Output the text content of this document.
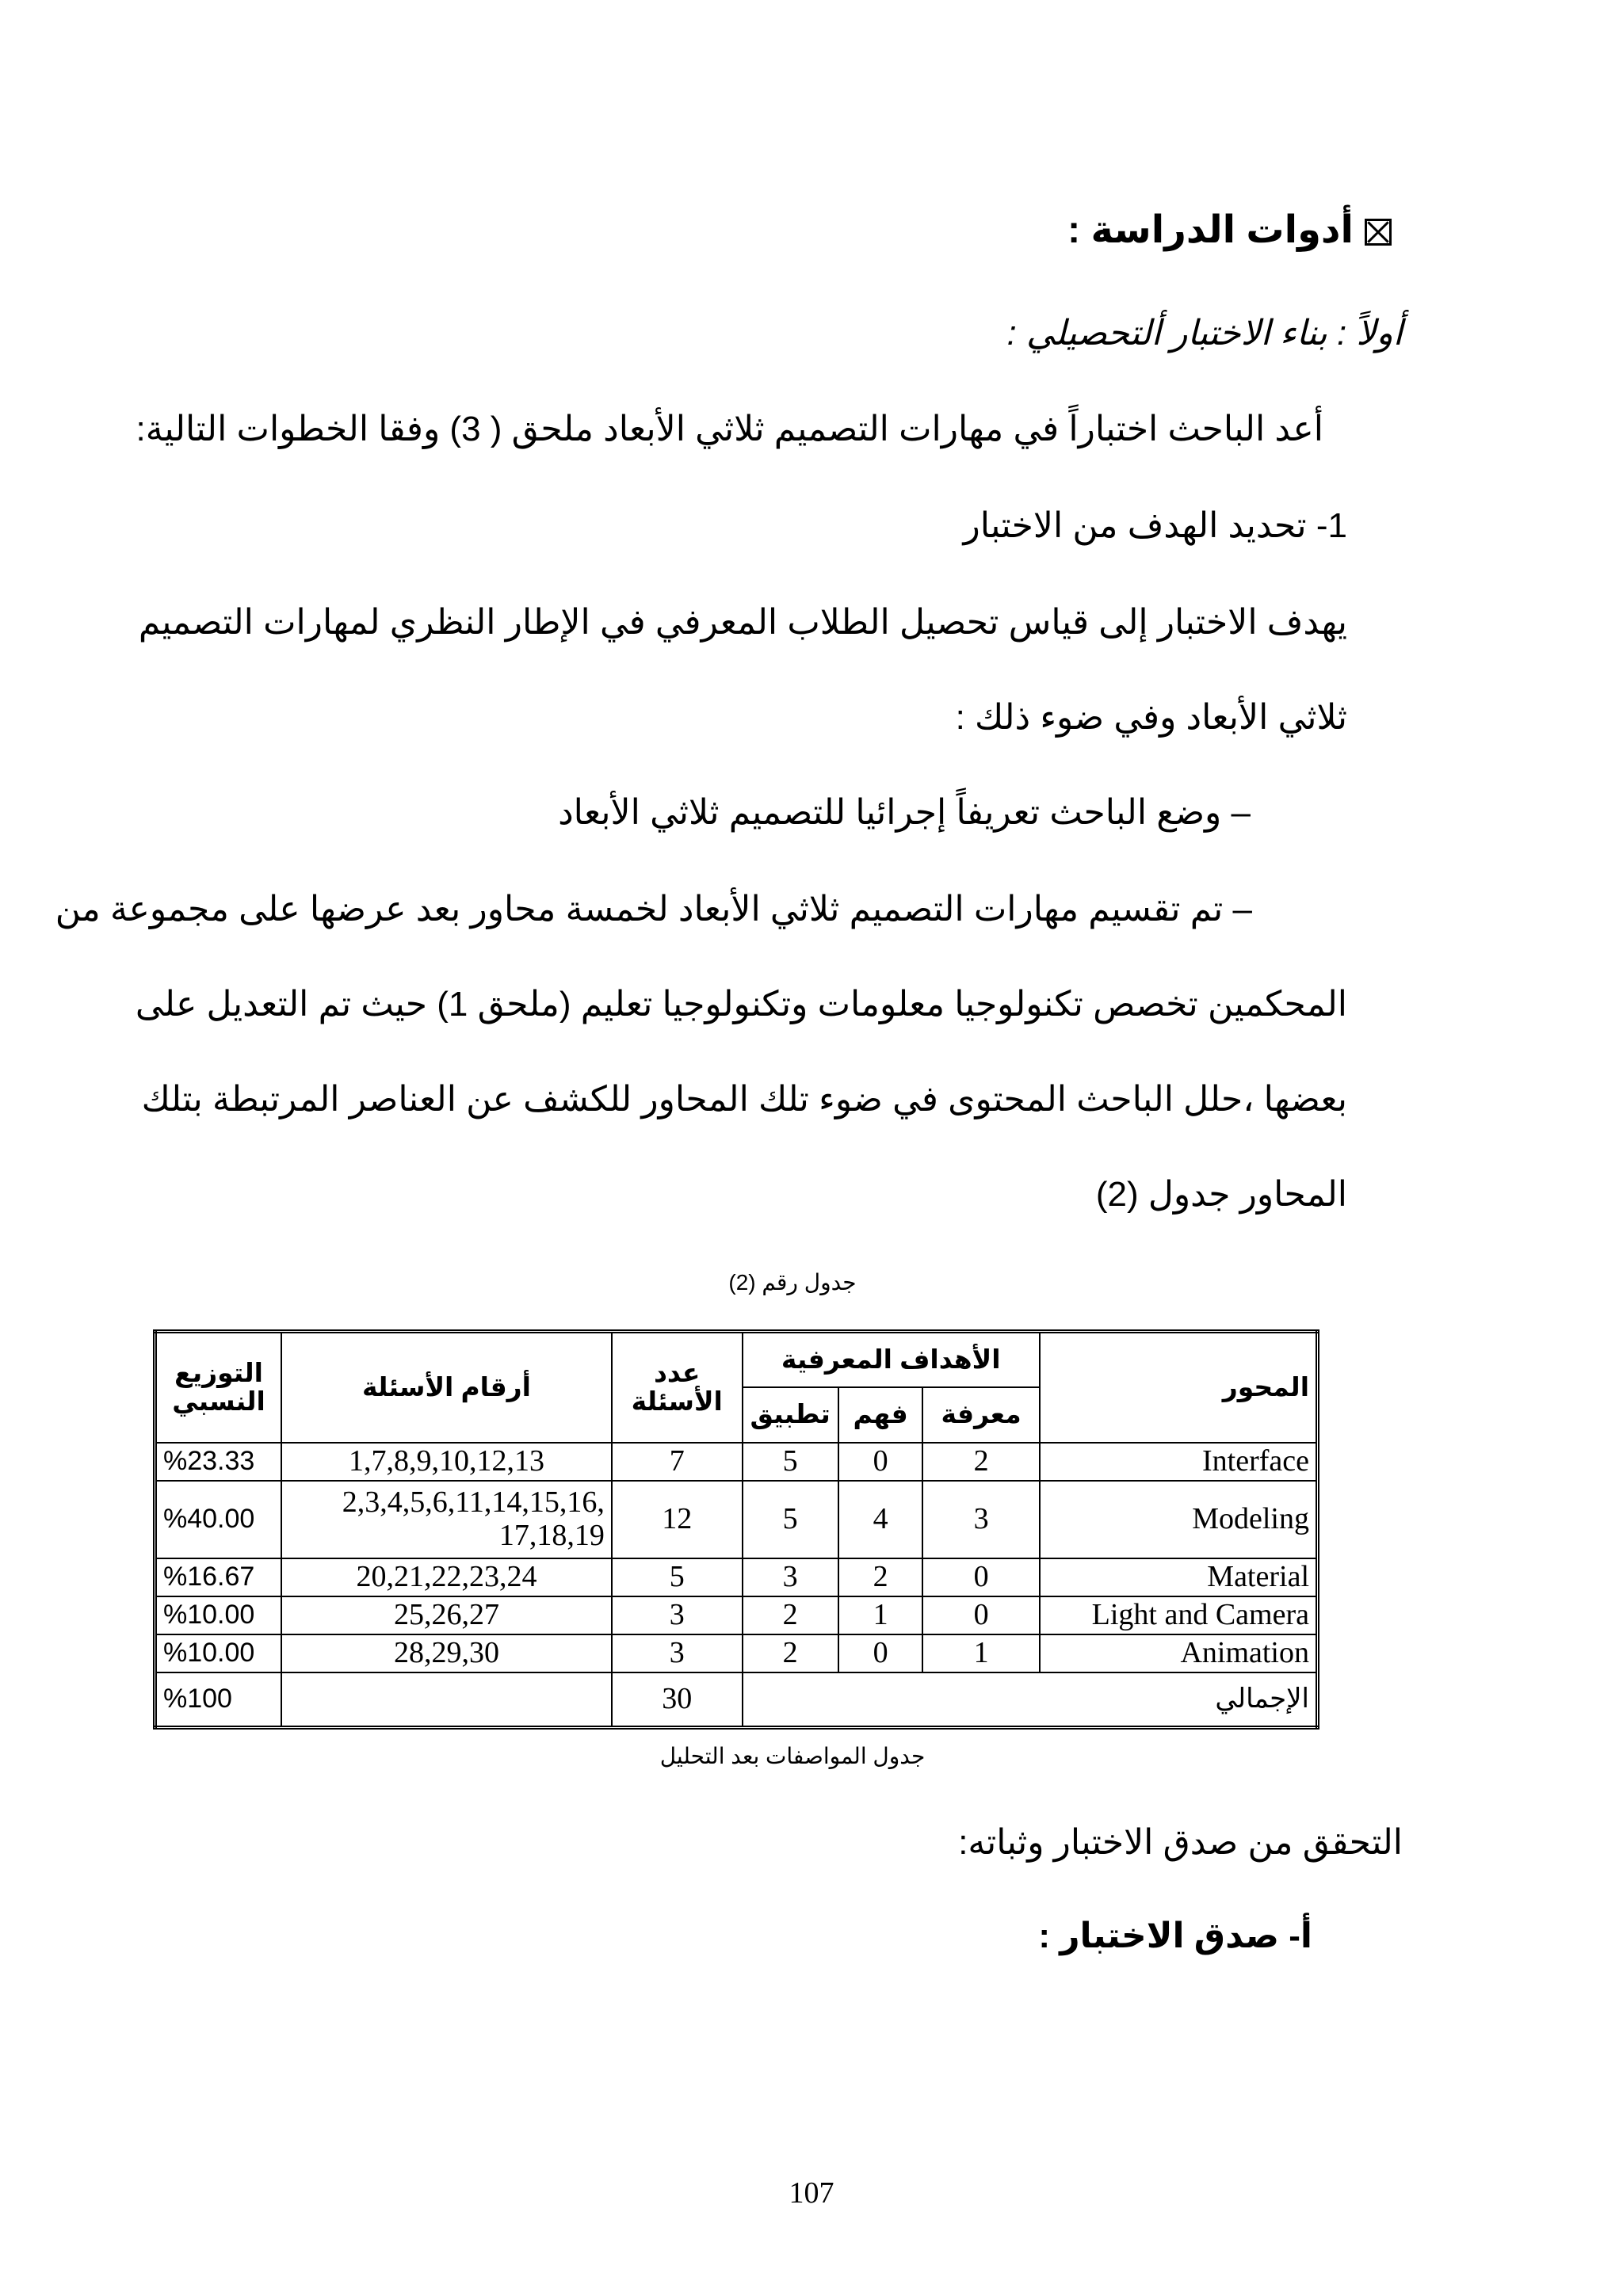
أدوات الدراسة :
أولاً : بناء الاختبار ألتحصيلي :
أعد الباحث اختباراً في مهارات التصميم ثلاثي الأبعاد ملحق ( 3) وفقا الخطوات التالية:
1- تحديد الهدف من الاختبار
يهدف الاختبار إلى قياس تحصيل الطلاب المعرفي في الإطار النظري لمهارات التصميم
ثلاثي الأبعاد وفي ضوء ذلك :
– وضع الباحث تعريفاً إجرائيا للتصميم ثلاثي الأبعاد
– تم تقسيم مهارات التصميم ثلاثي الأبعاد لخمسة محاور بعد عرضها على مجموعة من
المحكمين تخصص تكنولوجيا معلومات وتكنولوجيا تعليم (ملحق 1) حيث تم التعديل على
بعضها ،حلل الباحث المحتوى في ضوء تلك المحاور للكشف عن العناصر المرتبطة بتلك
المحاور جدول (2)
جدول رقم (2)
المحور	الأهداف المعرفية			عدد الأسئلة	أرقام الأسئلة	التوزيع النسبي
	معرفة	فهم	تطبيق			
Interface	2	0	5	7	1,7,8,9,10,12,13	%23.33
Modeling	3	4	5	12	2,3,4,5,6,11,14,15,16, 17,18,19	%40.00
Material	0	2	3	5	20,21,22,23,24	%16.67
Light and Camera	0	1	2	3	25,26,27	%10.00
Animation	1	0	2	3	28,29,30	%10.00
الإجمالي				30		%100
جدول المواصفات بعد التحليل
التحقق من صدق الاختبار وثباته:
أ- صدق الاختبار :
107
